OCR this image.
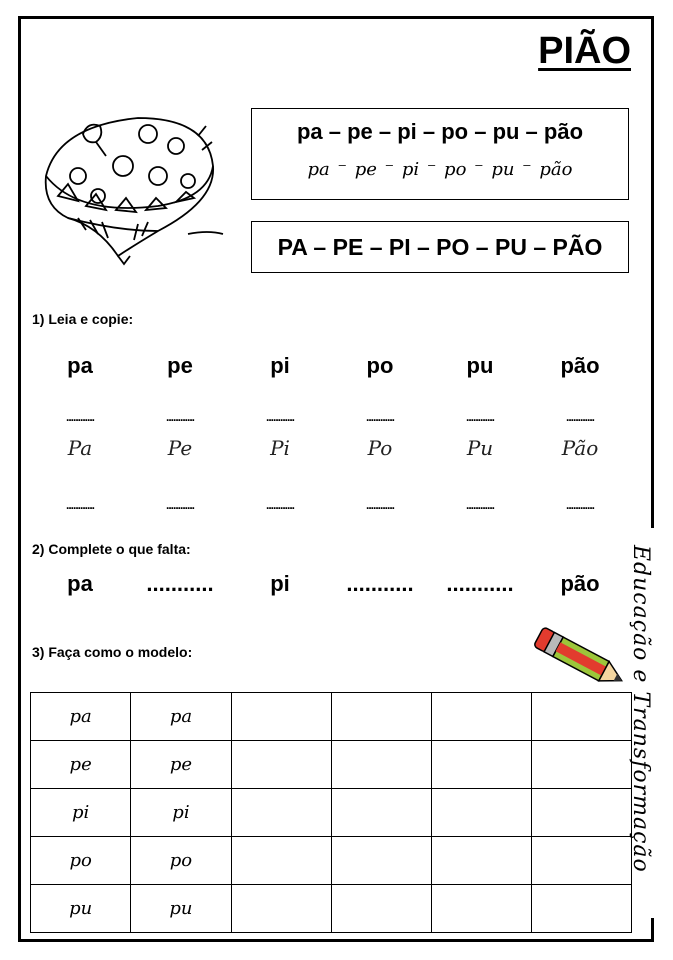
Educação e Transformação
PIÃO
pa – pe – pi – po – pu – pão
pa ⁻ pe ⁻ pi ⁻ po ⁻ pu ⁻ pão
PA – PE – PI – PO – PU – PÃO
1) Leia e copie:
pa	pe	pi	po	pu	pão
............	............	............	............	............	............
Pa	Pe	Pi	Po	Pu	Pão
............	............	............	............	............	............
2) Complete o que falta:
pa	...........	pi	...........	...........	pão
3) Faça como o modelo:
pa	pa				
pe	pe				
pi	pi				
po	po				
pu	pu				
